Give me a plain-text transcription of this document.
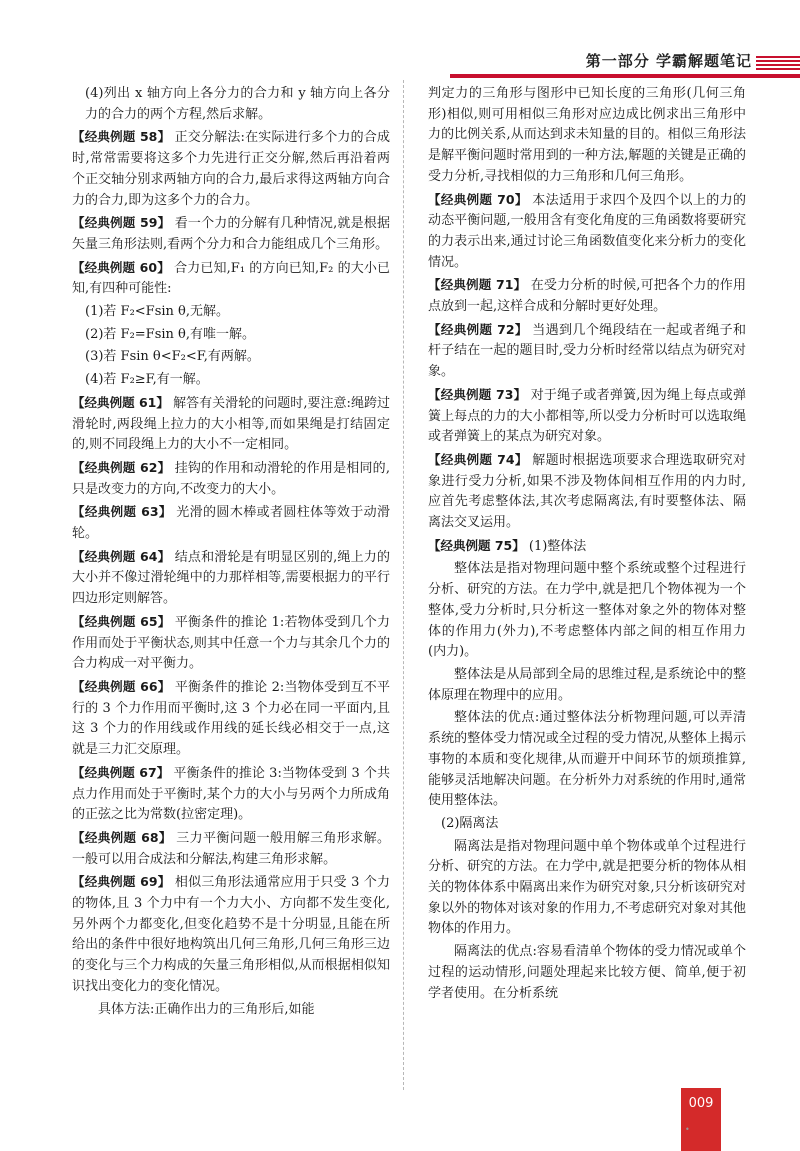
第一部分 学霸解题笔记

(4)列出 x 轴方向上各分力的合力和 y 轴方向上各分力的合力的两个方程,然后求解。

【经典例题 58】 正交分解法:在实际进行多个力的合成时,常常需要将这多个力先进行正交分解,然后再沿着两个正交轴分别求两轴方向的合力,最后求得这两轴方向合力的合力,即为这多个力的合力。

【经典例题 59】 看一个力的分解有几种情况,就是根据矢量三角形法则,看两个分力和合力能组成几个三角形。

【经典例题 60】 合力已知,F₁ 的方向已知,F₂ 的大小已知,有四种可能性:

(1)若 F₂<Fsin θ,无解。

(2)若 F₂=Fsin θ,有唯一解。

(3)若 Fsin θ<F₂<F,有两解。

(4)若 F₂≥F,有一解。

【经典例题 61】 解答有关滑轮的问题时,要注意:绳跨过滑轮时,两段绳上拉力的大小相等,而如果绳是打结固定的,则不同段绳上力的大小不一定相同。

【经典例题 62】 挂钩的作用和动滑轮的作用是相同的,只是改变力的方向,不改变力的大小。

【经典例题 63】 光滑的圆木棒或者圆柱体等效于动滑轮。

【经典例题 64】 结点和滑轮是有明显区别的,绳上力的大小并不像过滑轮绳中的力那样相等,需要根据力的平行四边形定则解答。

【经典例题 65】 平衡条件的推论 1:若物体受到几个力作用而处于平衡状态,则其中任意一个力与其余几个力的合力构成一对平衡力。

【经典例题 66】 平衡条件的推论 2:当物体受到互不平行的 3 个力作用而平衡时,这 3 个力必在同一平面内,且这 3 个力的作用线或作用线的延长线必相交于一点,这就是三力汇交原理。

【经典例题 67】 平衡条件的推论 3:当物体受到 3 个共点力作用而处于平衡时,某个力的大小与另两个力所成角的正弦之比为常数(拉密定理)。

【经典例题 68】 三力平衡问题一般用解三角形求解。一般可以用合成法和分解法,构建三角形求解。

【经典例题 69】 相似三角形法通常应用于只受 3 个力的物体,且 3 个力中有一个力大小、方向都不发生变化,另外两个力都变化,但变化趋势不是十分明显,且能在所给出的条件中很好地构筑出几何三角形,几何三角形三边的变化与三个力构成的矢量三角形相似,从而根据相似知识找出变化力的变化情况。

具体方法:正确作出力的三角形后,如能

判定力的三角形与图形中已知长度的三角形(几何三角形)相似,则可用相似三角形对应边成比例求出三角形中力的比例关系,从而达到求未知量的目的。相似三角形法是解平衡问题时常用到的一种方法,解题的关键是正确的受力分析,寻找相似的力三角形和几何三角形。

【经典例题 70】 本法适用于求四个及四个以上的力的动态平衡问题,一般用含有变化角度的三角函数将要研究的力表示出来,通过讨论三角函数值变化来分析力的变化情况。

【经典例题 71】 在受力分析的时候,可把各个力的作用点放到一起,这样合成和分解时更好处理。

【经典例题 72】 当遇到几个绳段结在一起或者绳子和杆子结在一起的题目时,受力分析时经常以结点为研究对象。

【经典例题 73】 对于绳子或者弹簧,因为绳上每点或弹簧上每点的力的大小都相等,所以受力分析时可以选取绳或者弹簧上的某点为研究对象。

【经典例题 74】 解题时根据选项要求合理选取研究对象进行受力分析,如果不涉及物体间相互作用的内力时,应首先考虑整体法,其次考虑隔离法,有时要整体法、隔离法交叉运用。

【经典例题 75】 (1)整体法

整体法是指对物理问题中整个系统或整个过程进行分析、研究的方法。在力学中,就是把几个物体视为一个整体,受力分析时,只分析这一整体对象之外的物体对整体的作用力(外力),不考虑整体内部之间的相互作用力(内力)。

整体法是从局部到全局的思维过程,是系统论中的整体原理在物理中的应用。

整体法的优点:通过整体法分析物理问题,可以弄清系统的整体受力情况或全过程的受力情况,从整体上揭示事物的本质和变化规律,从而避开中间环节的烦琐推算,能够灵活地解决问题。在分析外力对系统的作用时,通常使用整体法。

(2)隔离法

隔离法是指对物理问题中单个物体或单个过程进行分析、研究的方法。在力学中,就是把要分析的物体从相关的物体体系中隔离出来作为研究对象,只分析该研究对象以外的物体对该对象的作用力,不考虑研究对象对其他物体的作用力。

隔离法的优点:容易看清单个物体的受力情况或单个过程的运动情形,问题处理起来比较方便、简单,便于初学者使用。在分析系统

009
•
